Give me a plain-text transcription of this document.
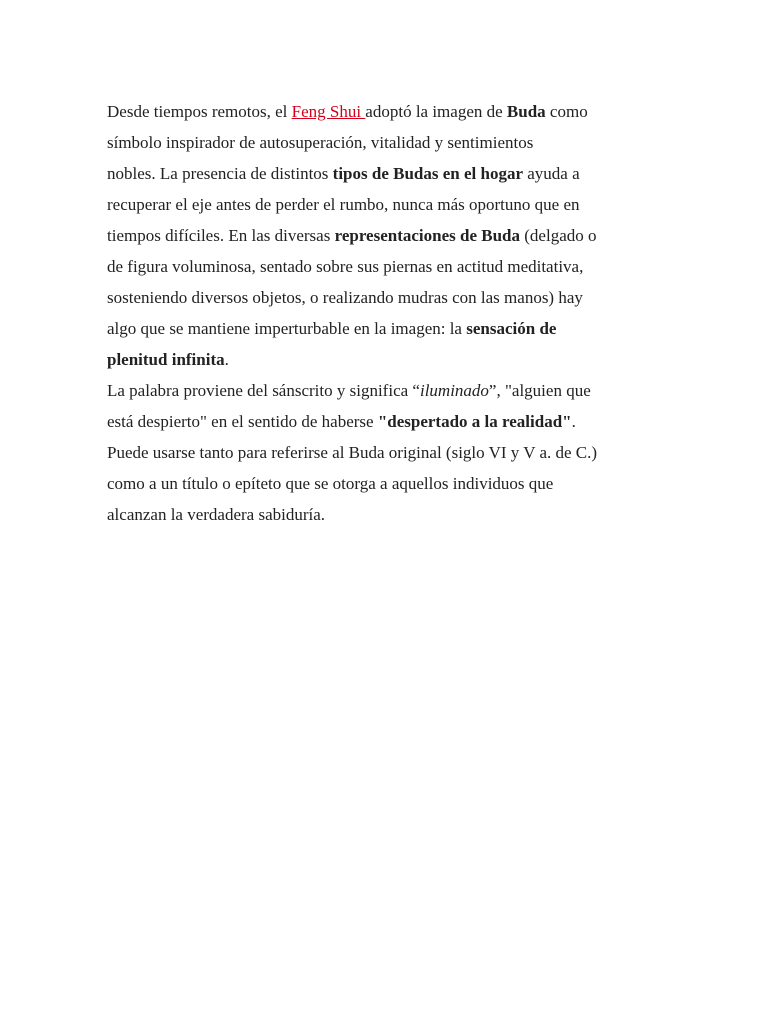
Desde tiempos remotos, el Feng Shui adoptó la imagen de Buda como
símbolo inspirador de autosuperación, vitalidad y sentimientos
nobles. La presencia de distintos tipos de Budas en el hogar ayuda a
recuperar el eje antes de perder el rumbo, nunca más oportuno que en
tiempos difíciles. En las diversas representaciones de Buda (delgado o
de figura voluminosa, sentado sobre sus piernas en actitud meditativa,
sosteniendo diversos objetos, o realizando mudras con las manos) hay
algo que se mantiene imperturbable en la imagen: la sensación de
plenitud infinita.
La palabra proviene del sánscrito y significa “iluminado”, "alguien que
está despierto" en el sentido de haberse "despertado a la realidad".
Puede usarse tanto para referirse al Buda original (siglo VI y V a. de C.)
como a un título o epíteto que se otorga a aquellos individuos que
alcanzan la verdadera sabiduría.
